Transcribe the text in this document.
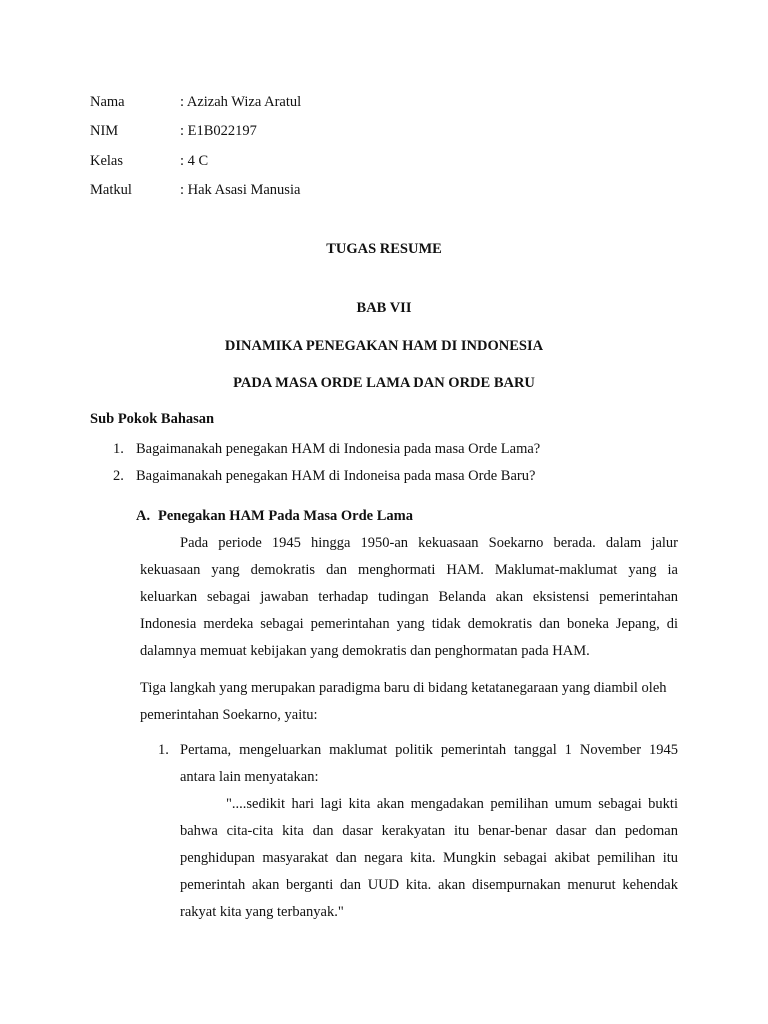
Nama	: Azizah Wiza Aratul
NIM	: E1B022197
Kelas	: 4 C
Matkul	: Hak Asasi Manusia
TUGAS RESUME
BAB VII
DINAMIKA PENEGAKAN HAM DI INDONESIA
PADA MASA ORDE LAMA DAN ORDE BARU
Sub Pokok Bahasan
1. Bagaimanakah penegakan HAM di Indonesia pada masa Orde Lama?
2. Bagaimanakah penegakan HAM di Indoneisa pada masa Orde Baru?
A. Penegakan HAM Pada Masa Orde Lama
Pada periode 1945 hingga 1950-an kekuasaan Soekarno berada. dalam jalur
kekuasaan yang demokratis dan menghormati HAM. Maklumat-maklumat yang ia
keluarkan sebagai jawaban terhadap tudingan Belanda akan eksistensi pemerintahan
Indonesia merdeka sebagai pemerintahan yang tidak demokratis dan boneka Jepang, di
dalamnya memuat kebijakan yang demokratis dan penghormatan pada HAM.
Tiga langkah yang merupakan paradigma baru di bidang ketatanegaraan yang diambil oleh
pemerintahan Soekarno, yaitu:
1. Pertama, mengeluarkan maklumat politik pemerintah tanggal 1 November 1945
antara lain menyatakan:
"....sedikit hari lagi kita akan mengadakan pemilihan umum sebagai bukti
bahwa cita-cita kita dan dasar kerakyatan itu benar-benar dasar dan pedoman
penghidupan masyarakat dan negara kita. Mungkin sebagai akibat pemilihan itu
pemerintah akan berganti dan UUD kita. akan disempurnakan menurut kehendak
rakyat kita yang terbanyak."
